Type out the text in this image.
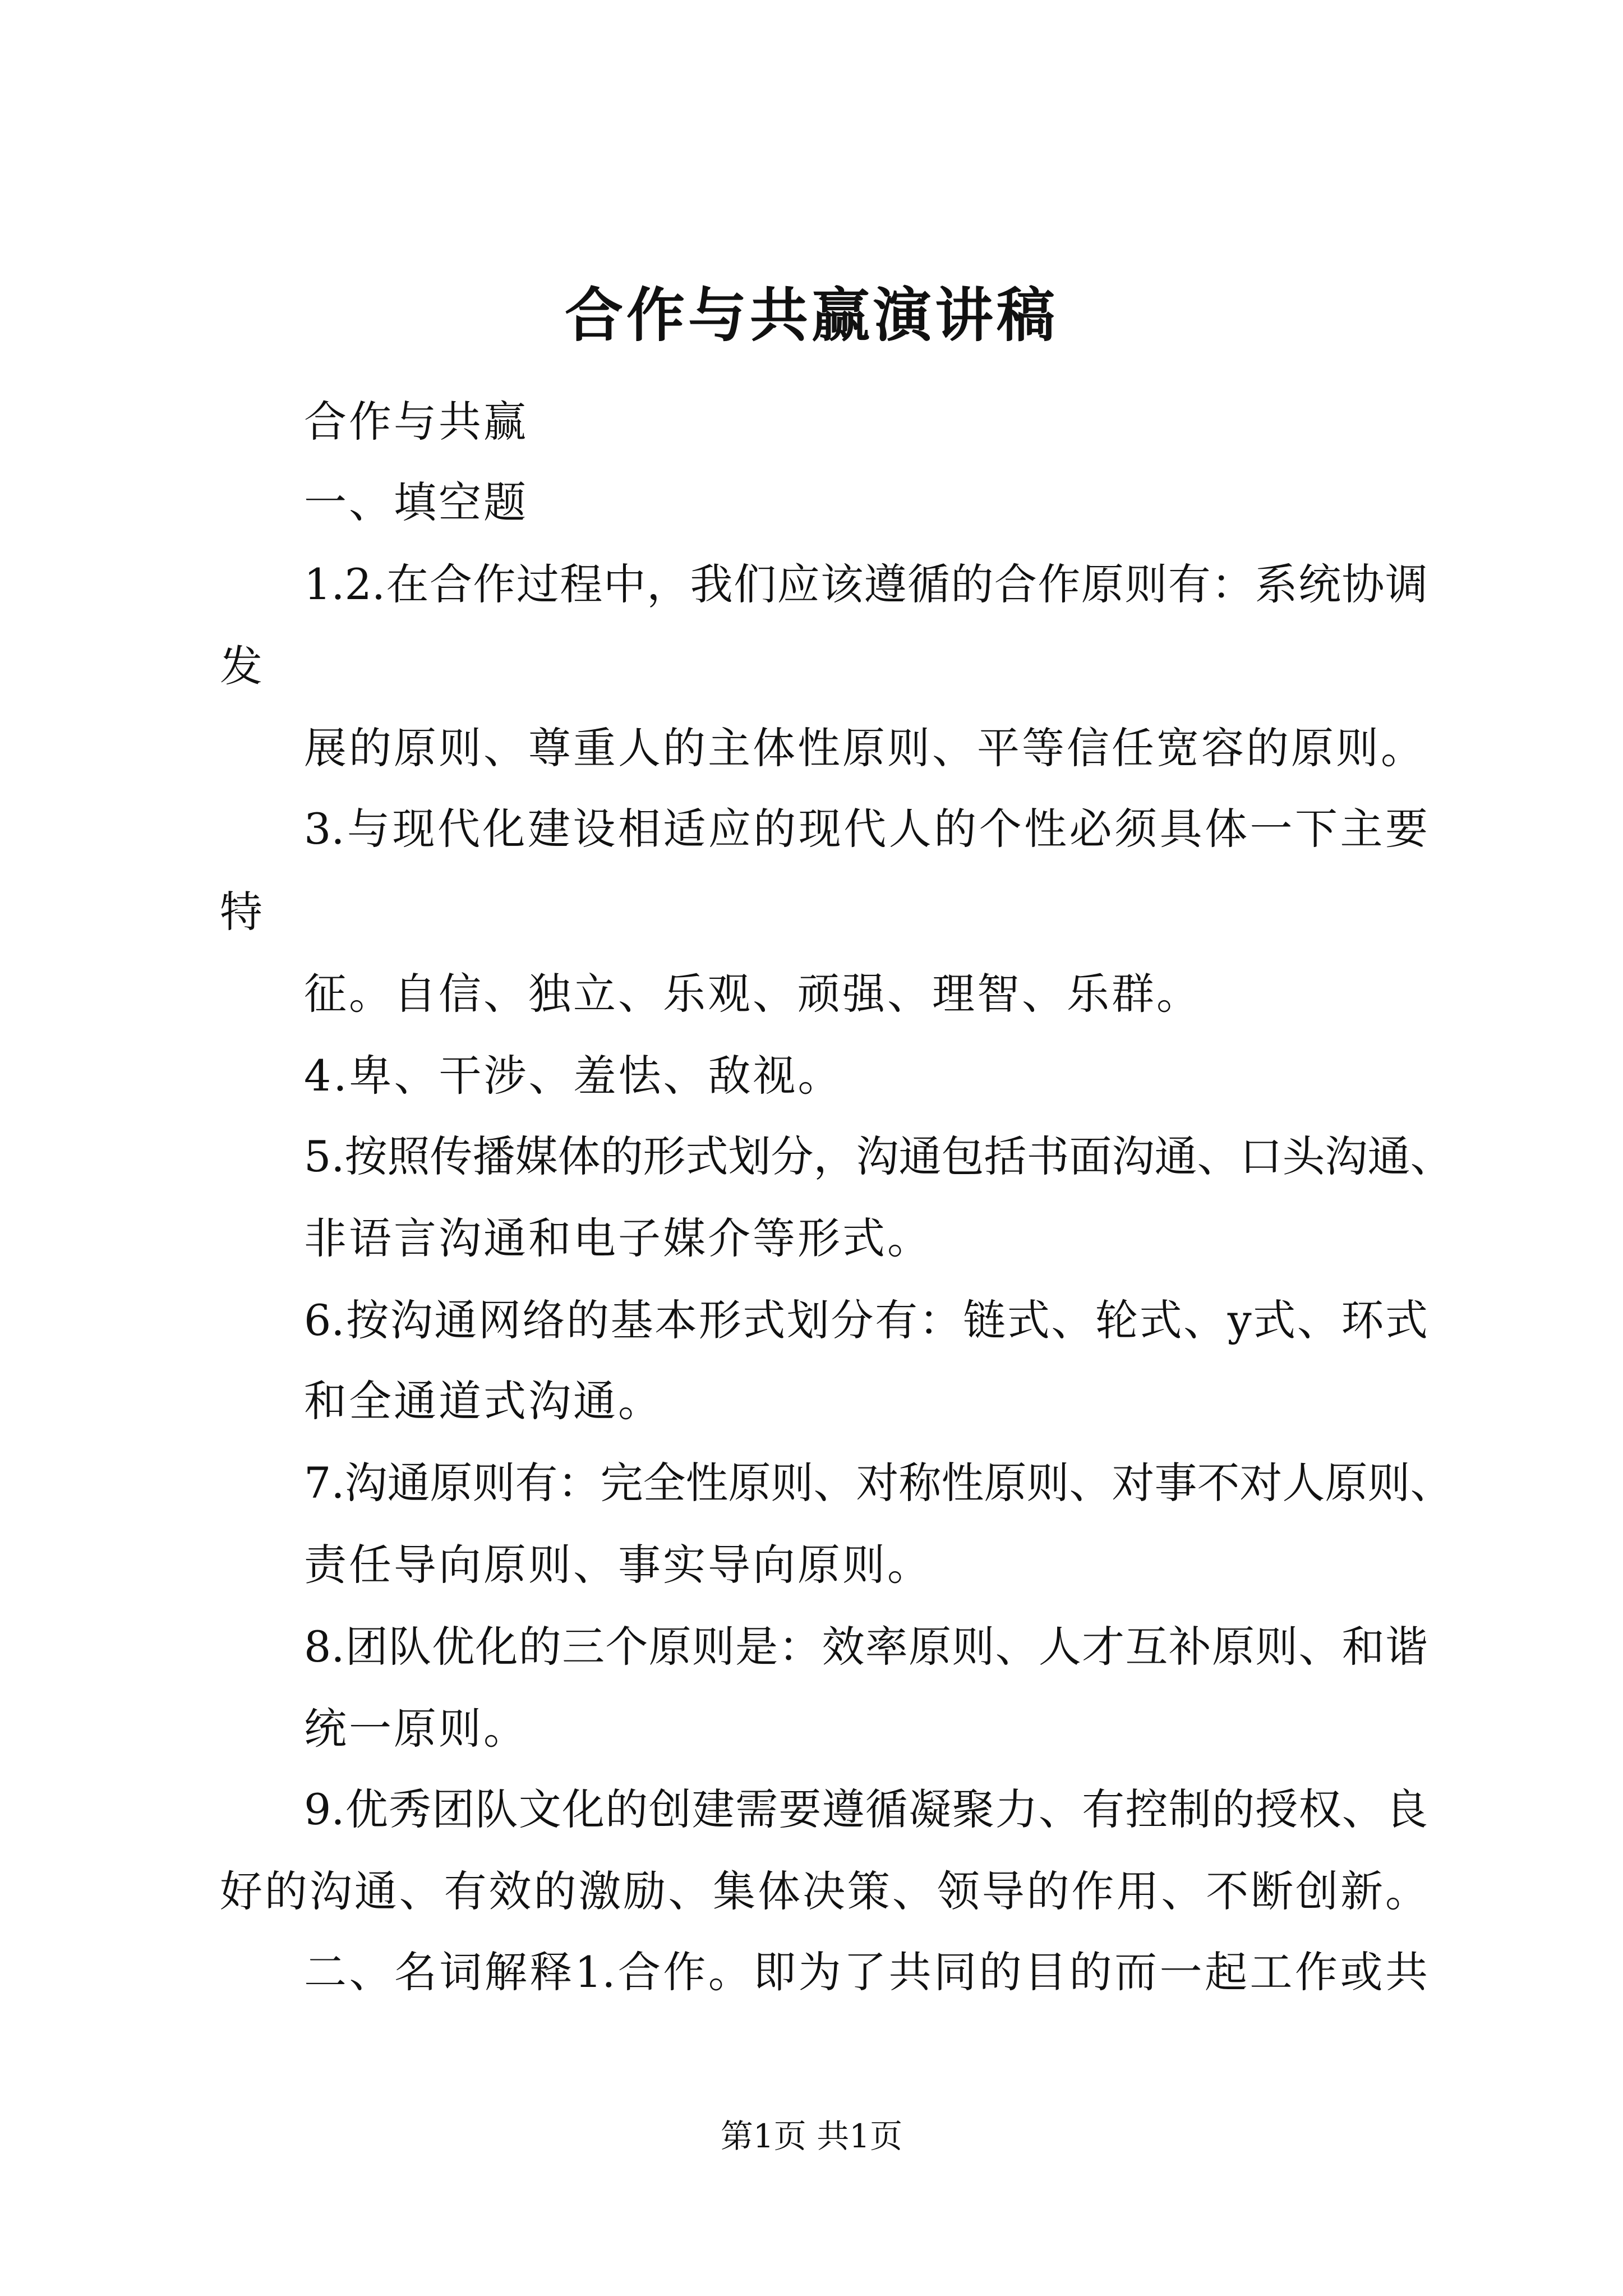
合作与共赢演讲稿
合作与共赢
一、填空题
1.2.在合作过程中，我们应该遵循的合作原则有：系统协调
发
展的原则、尊重人的主体性原则、平等信任宽容的原则。
3.与现代化建设相适应的现代人的个性必须具体一下主要
特
征。自信、独立、乐观、顽强、理智、乐群。
4.卑、干涉、羞怯、敌视。
5.按照传播媒体的形式划分，沟通包括书面沟通、口头沟通、
非语言沟通和电子媒介等形式。
6.按沟通网络的基本形式划分有：链式、轮式、y式、环式
和全通道式沟通。
7.沟通原则有：完全性原则、对称性原则、对事不对人原则、
责任导向原则、事实导向原则。
8.团队优化的三个原则是：效率原则、人才互补原则、和谐
统一原则。
9.优秀团队文化的创建需要遵循凝聚力、有控制的授权、良
好的沟通、有效的激励、集体决策、领导的作用、不断创新。
二、名词解释1.合作。即为了共同的目的而一起工作或共
第1页 共1页
